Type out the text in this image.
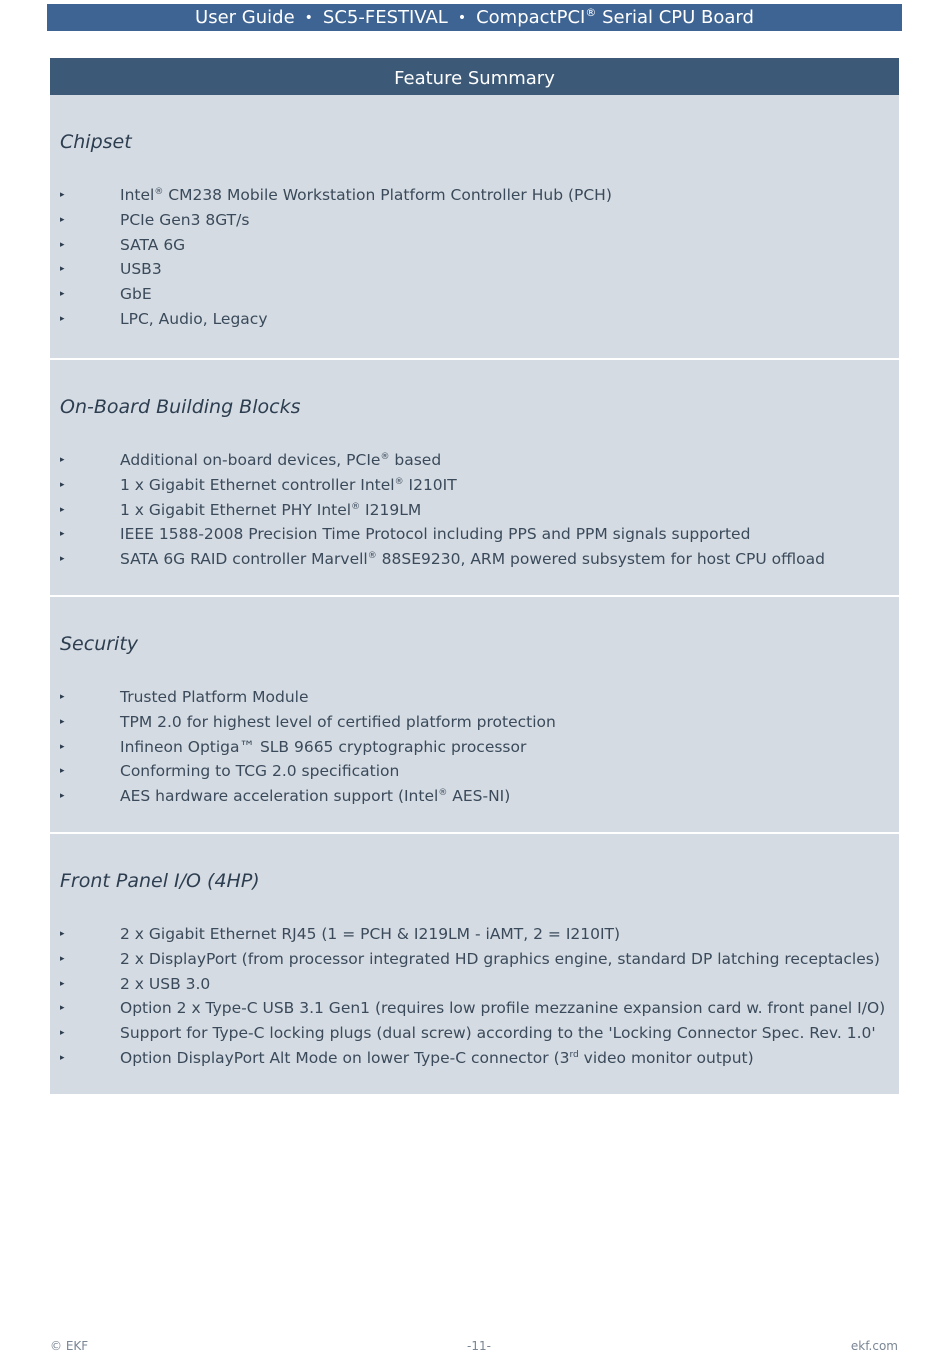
User Guide • SC5-FESTIVAL • CompactPCI® Serial CPU Board
Feature Summary
Chipset
▸	Intel® CM238 Mobile Workstation Platform Controller Hub (PCH)
▸	PCIe Gen3 8GT/s
▸	SATA 6G
▸	USB3
▸	GbE
▸	LPC, Audio, Legacy
On-Board Building Blocks
▸	Additional on-board devices, PCIe® based
▸	1 x Gigabit Ethernet controller Intel® I210IT
▸	1 x Gigabit Ethernet PHY Intel® I219LM
▸	IEEE 1588-2008 Precision Time Protocol including PPS and PPM signals supported
▸	SATA 6G RAID controller Marvell® 88SE9230, ARM powered subsystem for host CPU offload
Security
▸	Trusted Platform Module
▸	TPM 2.0 for highest level of certified platform protection
▸	Infineon Optiga™ SLB 9665 cryptographic processor
▸	Conforming to TCG 2.0 specification
▸	AES hardware acceleration support (Intel® AES-NI)
Front Panel I/O (4HP)
▸	2 x Gigabit Ethernet RJ45 (1 = PCH & I219LM - iAMT, 2 = I210IT)
▸	2 x DisplayPort (from processor integrated HD graphics engine, standard DP latching receptacles)
▸	2 x USB 3.0
▸	Option 2 x Type-C USB 3.1 Gen1 (requires low profile mezzanine expansion card w. front panel I/O)
▸	Support for Type-C locking plugs (dual screw) according to the 'Locking Connector Spec. Rev. 1.0'
▸	Option DisplayPort Alt Mode on lower Type-C connector (3rd video monitor output)
© EKF	-11-	ekf.com
